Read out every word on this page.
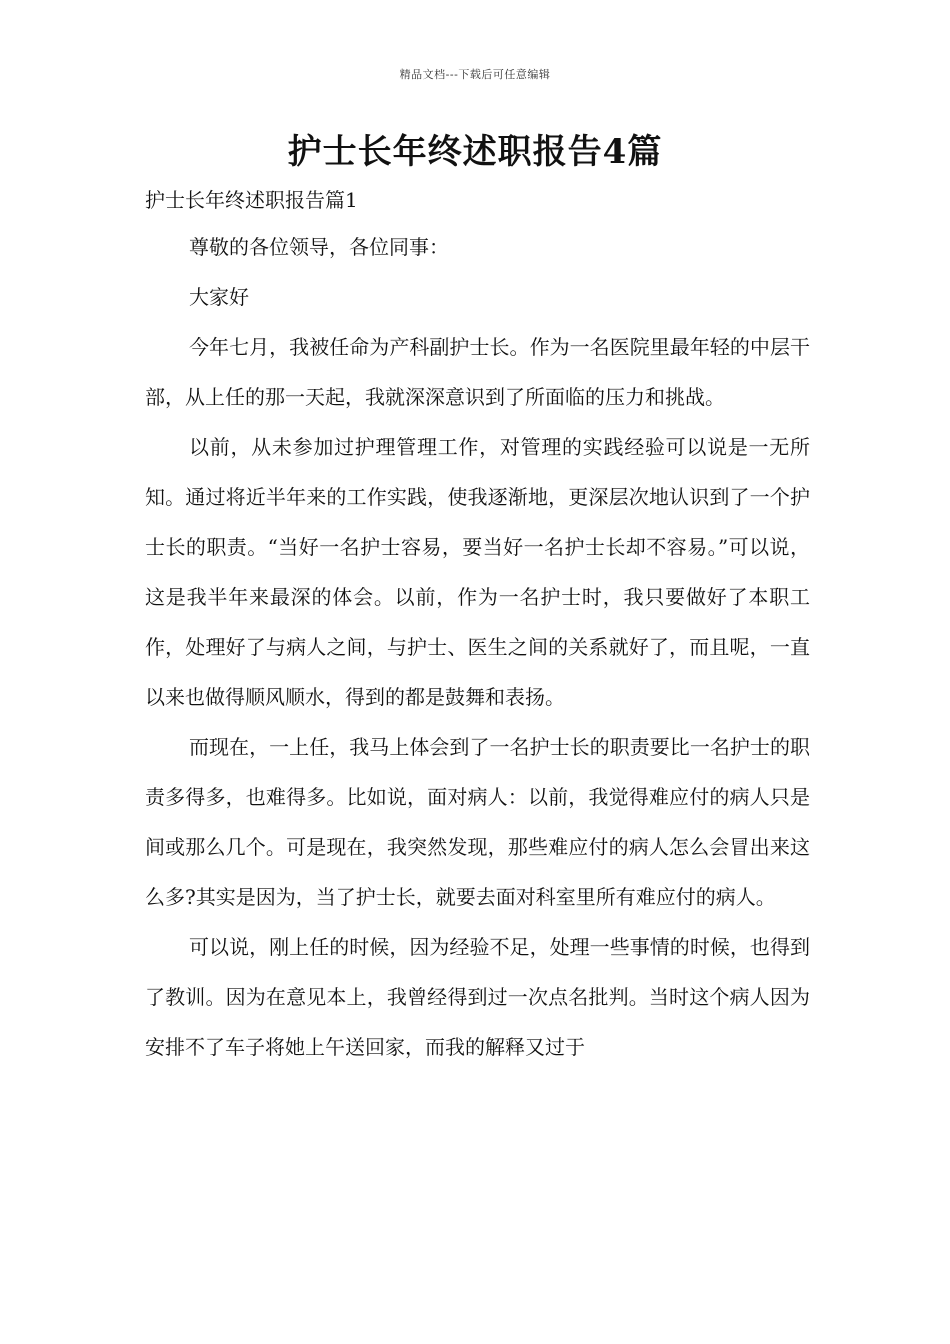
精品文档---下载后可任意编辑
护士长年终述职报告4篇
护士长年终述职报告篇1

尊敬的各位领导，各位同事：

大家好

今年七月，我被任命为产科副护士长。作为一名医院里最年轻的中层干部，从上任的那一天起，我就深深意识到了所面临的压力和挑战。

以前，从未参加过护理管理工作，对管理的实践经验可以说是一无所知。通过将近半年来的工作实践，使我逐渐地，更深层次地认识到了一个护士长的职责。“当好一名护士容易，要当好一名护士长却不容易。”可以说，这是我半年来最深的体会。以前，作为一名护士时，我只要做好了本职工作，处理好了与病人之间，与护士、医生之间的关系就好了，而且呢，一直以来也做得顺风顺水，得到的都是鼓舞和表扬。

而现在，一上任，我马上体会到了一名护士长的职责要比一名护士的职责多得多，也难得多。比如说，面对病人：以前，我觉得难应付的病人只是间或那么几个。可是现在，我突然发现，那些难应付的病人怎么会冒出来这么多?其实是因为，当了护士长，就要去面对科室里所有难应付的病人。

可以说，刚上任的时候，因为经验不足，处理一些事情的时候，也得到了教训。因为在意见本上，我曾经得到过一次点名批判。当时这个病人因为安排不了车子将她上午送回家，而我的解释又过于
